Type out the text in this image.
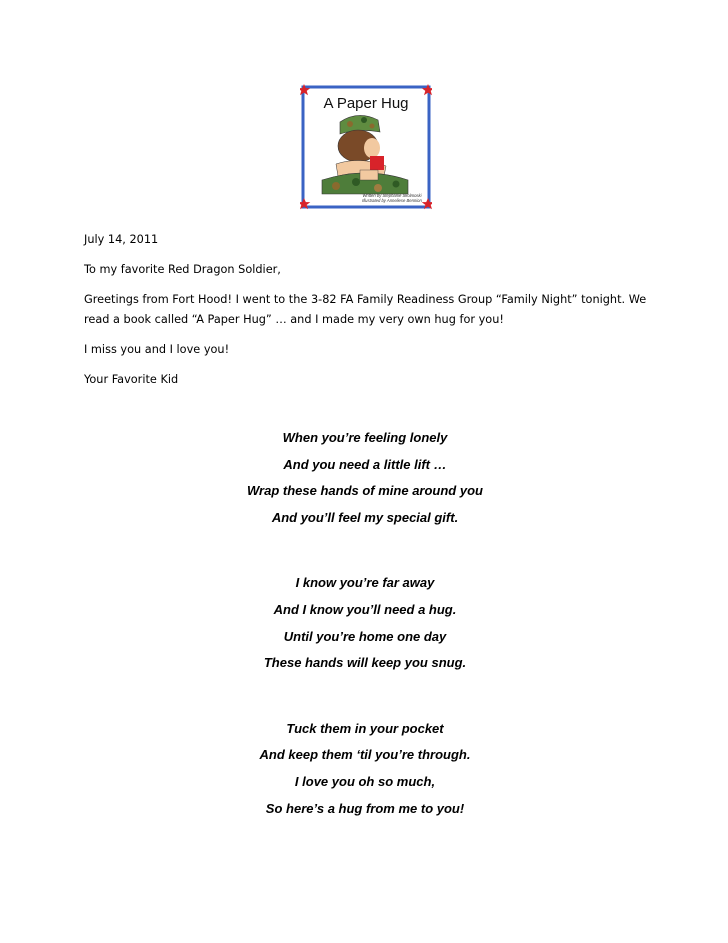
A Paper Hug
Written by Stephanie Skolmoski
Illustrated by Anneliese Bennion

July 14, 2011

To my favorite Red Dragon Soldier,

Greetings from Fort Hood! I went to the 3-82 FA Family Readiness Group “Family Night” tonight. We
read a book called “A Paper Hug” … and I made my very own hug for you!

I miss you and I love you!

Your Favorite Kid

When you’re feeling lonely
And you need a little lift …
Wrap these hands of mine around you
And you’ll feel my special gift.
I know you’re far away
And I know you’ll need a hug.
Until you’re home one day
These hands will keep you snug.
Tuck them in your pocket
And keep them ‘til you’re through.
I love you oh so much,
So here’s a hug from me to you!
